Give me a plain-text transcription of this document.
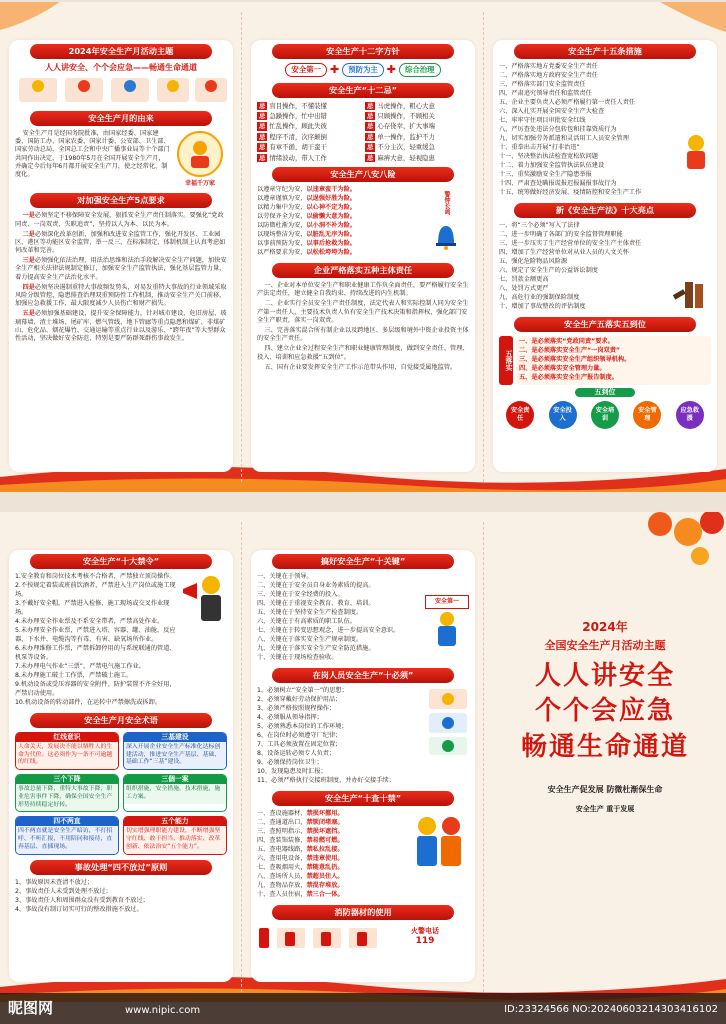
2024年安全生产月活动主题
人人讲安全、个个会应急——畅通生命通道
安全生产月的由来
安全生产月是经国务院批准，由国家经委、国家建委、国防工办、国家农委、国家计委、公安部、卫生部、国家劳动总局、全国总工会和中央广播事业局等十个部门共同作出决定，于1980年5月在全国开展安全生产月，并确定今后每年6月都开展安全生产月，使之经常化、制度化。
幸福千万家
对加强安全生产5点要求
一是必须坚定不移保障安全发展，狠抓安全生产责任制落实。要强化“党政同责、一岗双责、失职追责”，坚持以人为本、以民为本。
二是必须深化改革创新，加强和改进安全监管工作，强化开发区、工业园区、港区等功能区安全监管，举一反三，在标准制定、体制机制上认真考虑如何改革和完善。
三是必须强化依法治理，用法治思维和法治手段解决安全生产问题，加快安全生产相关法律法规制定修订，加强安全生产监管执法，强化基层监管力量，着力提高安全生产法治化水平。
四是必须坚决遏制重特大事故频发势头，对易发重特大事故的行业领域采取风险分级管控、隐患排查治理双重预防性工作机制，推动安全生产关口前移，加强应急救援工作，最大限度减少人员伤亡和财产损失。
五是必须加强基础建设，提升安全保障能力，针对城市建设、危旧房屋、玻璃幕墙、渣土堆场、尾矿库、燃气管线、地下管廊等重点隐患和煤矿、非煤矿山、危化品、烟花爆竹、交通运输等重点行业以及游乐、“跨年夜”等大型群众性活动，坚决做好安全防范，特别是要严防群死群伤事故发生。
安全生产十二字方针
安全第一 ✚	预防为主 ✚	综合治理
安全生产“十二忌”
忌 盲目操作，不懂装懂	忌 马虎操作，粗心大意
忌 急躁操作，忙中出错	忌 只顾操作，不顾相关
忌 忙乱操作，顾此失彼	忌 心存侥幸，扩大事端
忌 程序不清，次序颠倒	忌 单一操作，监护不力
忌 有章不循，胡干蛮干	忌 不分主次，轻重缓急
忌 情绪波动，带人工作	忌 麻痹大意，轻视隐患
安全生产八安八险
以遵章守纪为安，以违章蛮干为险。
以遵章谨慎为安，以逞强好胜为险。
以精力集中为安，以心神不定为险。
以劳保齐全为安，以偷懒大意为险。
以防微杜渐为安，以小洞不补为险。
以现场整洁为安，以脏乱无序为险。
以事前预防为安，以事后抢救为险。
以严格要求为安，以松松垮垮为险。
警钟长鸣
企业严格落实五种主体责任
一、企业对本单位安全生产和职业健康工作负全面责任，要严格履行安全生产法定责任，建立健全自我约束、持续改进的内生机制。
二、企业实行全员安全生产责任制度，法定代表人和实际控制人同为安全生产第一责任人，主要技术负责人负有安全生产技术决策和指挥权，强化部门安全生产职责，落实一岗双责。
三、完善落实混合所有制企业以及跨地区、多层级和境外中资企业投资主体的安全生产责任。
四、建立企业全过程安全生产和职业健康管理制度，做到安全责任、管理、投入、培训和应急救援“五到位”。
五、国有企业要发挥安全生产工作示范带头作用，自觉接受属地监管。
安全生产十五条措施
一、严格落实地方党委安全生产责任
二、严格落实地方政府安全生产责任
三、严格落实部门安全监管责任
四、严肃追究领导责任和监管责任
五、企业主要负责人必须严格履行第一责任人责任
六、深入扎实开展全国安全生产大检查
七、牢牢守住项目审批安全红线
八、严厉查处违法分包转包和挂靠资质行为
九、切实加强劳务派遣和灵活用工人员安全管理
十、重拳出击开展“打非治违”
十一、坚决整治执法检查宽松软问题
十二、着力加强安全监管执法队伍建设
十三、重奖激励安全生产隐患举报
十四、严肃查处瞒报谎报迟报漏报事故行为
十五、统筹做好经济发展、疫情防控和安全生产工作
新《安全生产法》十大亮点
一、将“三个必须”写入了法律
二、进一步明确了各部门的安全监督管理职能
三、进一步压实了生产经营单位的安全生产主体责任
四、增加了生产经营单位对从业人员的人文关怀
五、强化危险物品风险源
六、规定了安全生产的公益诉讼制度
七、罚款金额更高
八、处罚方式更严
九、高危行业的强制保险制度
十、增加了事故整改的评估制度
安全生产五落实五到位
五落实
一、是必须落实“党政同责”要求。
二、是必须落实安全生产“一岗双责”
三、是必须落实安全生产组织领导机构。
四、是必须落实安全管理力量。
五、是必须落实安全生产报告制度。
五到位
安全责任
安全投入
安全培训
安全管理
应急救援
安全生产“十大禁令”
1.安全教育和岗位技术考核不合格者，严禁独立顶岗操作。
2.不按规定着装或班前饮酒者，严禁进入生产岗位或施工现场。
3.不戴好安全帽，严禁进入检修、施工现场或交叉作业现场。
4.未办理安全作业票及不系安全带者，严禁高处作业。
5.未办理安全作业票，严禁进入塔、容器、罐、油舱、反应器、下水井、电缆沟等有毒、有害、缺氧场所作业。
6.未办理维修工作票，严禁拆卸停用的与系统联通的管道、机泵等设备。
7.未办理电气作业“三票”，严禁电气施工作业。
8.未办理施工破土工作票，严禁破土施工。
9.机动设备或受压容器的安全附件、防护装置不齐全好用，严禁启动使用。
10.机动设备的转动部件，在运转中严禁擦洗或拆卸。
安全生产月安全术语
红线意识
人命关天，发展决不能以牺牲人的生命为代价。这必须作为一条不可逾越的红线。
三基建设
深入开展企业安全生产标准化达标创建活动，推进安全生产基层、基础、基础工作“三基”建设。
三个下降
事故总量下降，重特大事故下降，职业危害事件下降，确保全国安全生产形势持续稳定好转。
三個一案
组织措施，安全措施，技术措施，施工方案。
四不两直
四不两直就是安全生产暗访，不打招呼、不听汇报，不用陪同和接待，直奔基层、直插现场。
五个能力
切实增强理职能力建设，不断增强坚守红线、敢于担当、推动落实、改革创新、依法治安“五个能力”。
事故处理“四不放过”原则
1、事故原因未查清不放过；
2、事故责任人未受到处理不放过；
3、事故责任人和周围群众没有受到教育不放过；
4、事故没有制订切实可行的整改措施不放过。
搞好安全生产“十关键”
一、关键在于领导。
二、关键在于安全员自身业务素质的提高。
三、关键在于安全经费的投入。
四、关键在于重视安全教育、教育、培训。
五、关键在于坚持安全生产检查制度。
六、关键在于有高素质的职工队伍。
七、关键在于转变思想观念，进一步提高安全意识。
八、关键在于落实安全生产规章制度。
九、关键在于落实安全生产安全防范措施。
十、关键在于现场检查验收。
安全第一
在岗人员安全生产“十必须”
1、必须树立“安全第一”的思想；
2、必须穿戴好劳动保护用品；
3、必须严格按照规程操作；
4、必须服从领导指挥；
5、必须熟悉本岗位的工作环境；
6、在岗位时必须遵守厂纪律；
7、工具必须放置在固定位置；
8、设备运转必须专人负责；
9、必须保持岗位卫生；
10、发现隐患及时汇报；
11、必须严格执行交接班制度，并办好交接手续；
安全生产“十查十禁”
一、查设施器材，禁损坏挪用。
二、查通道出口，禁锁闭堵塞。
三、查照明指示，禁损坏遮挡。
四、查装饰装修，禁易燃可燃。
五、查电器线路，禁私拉乱接。
六、查用电设备，禁违章使用。
七、查吸烟用火，禁随意乱扔。
八、查场所人员，禁超员住人。
九、查物品存放，禁混存堆放。
十、查人员住宿，禁三合一体。
消防器材的使用
火警电话
119
2024年
全国安全生产月活动主题
人人讲安全
个个会应急
畅通生命通道
安全生产促发展 防微杜渐保生命
安全生产 重于发展
昵图网	www.nipic.com	ID:23324566 NO:20240603214303416102
